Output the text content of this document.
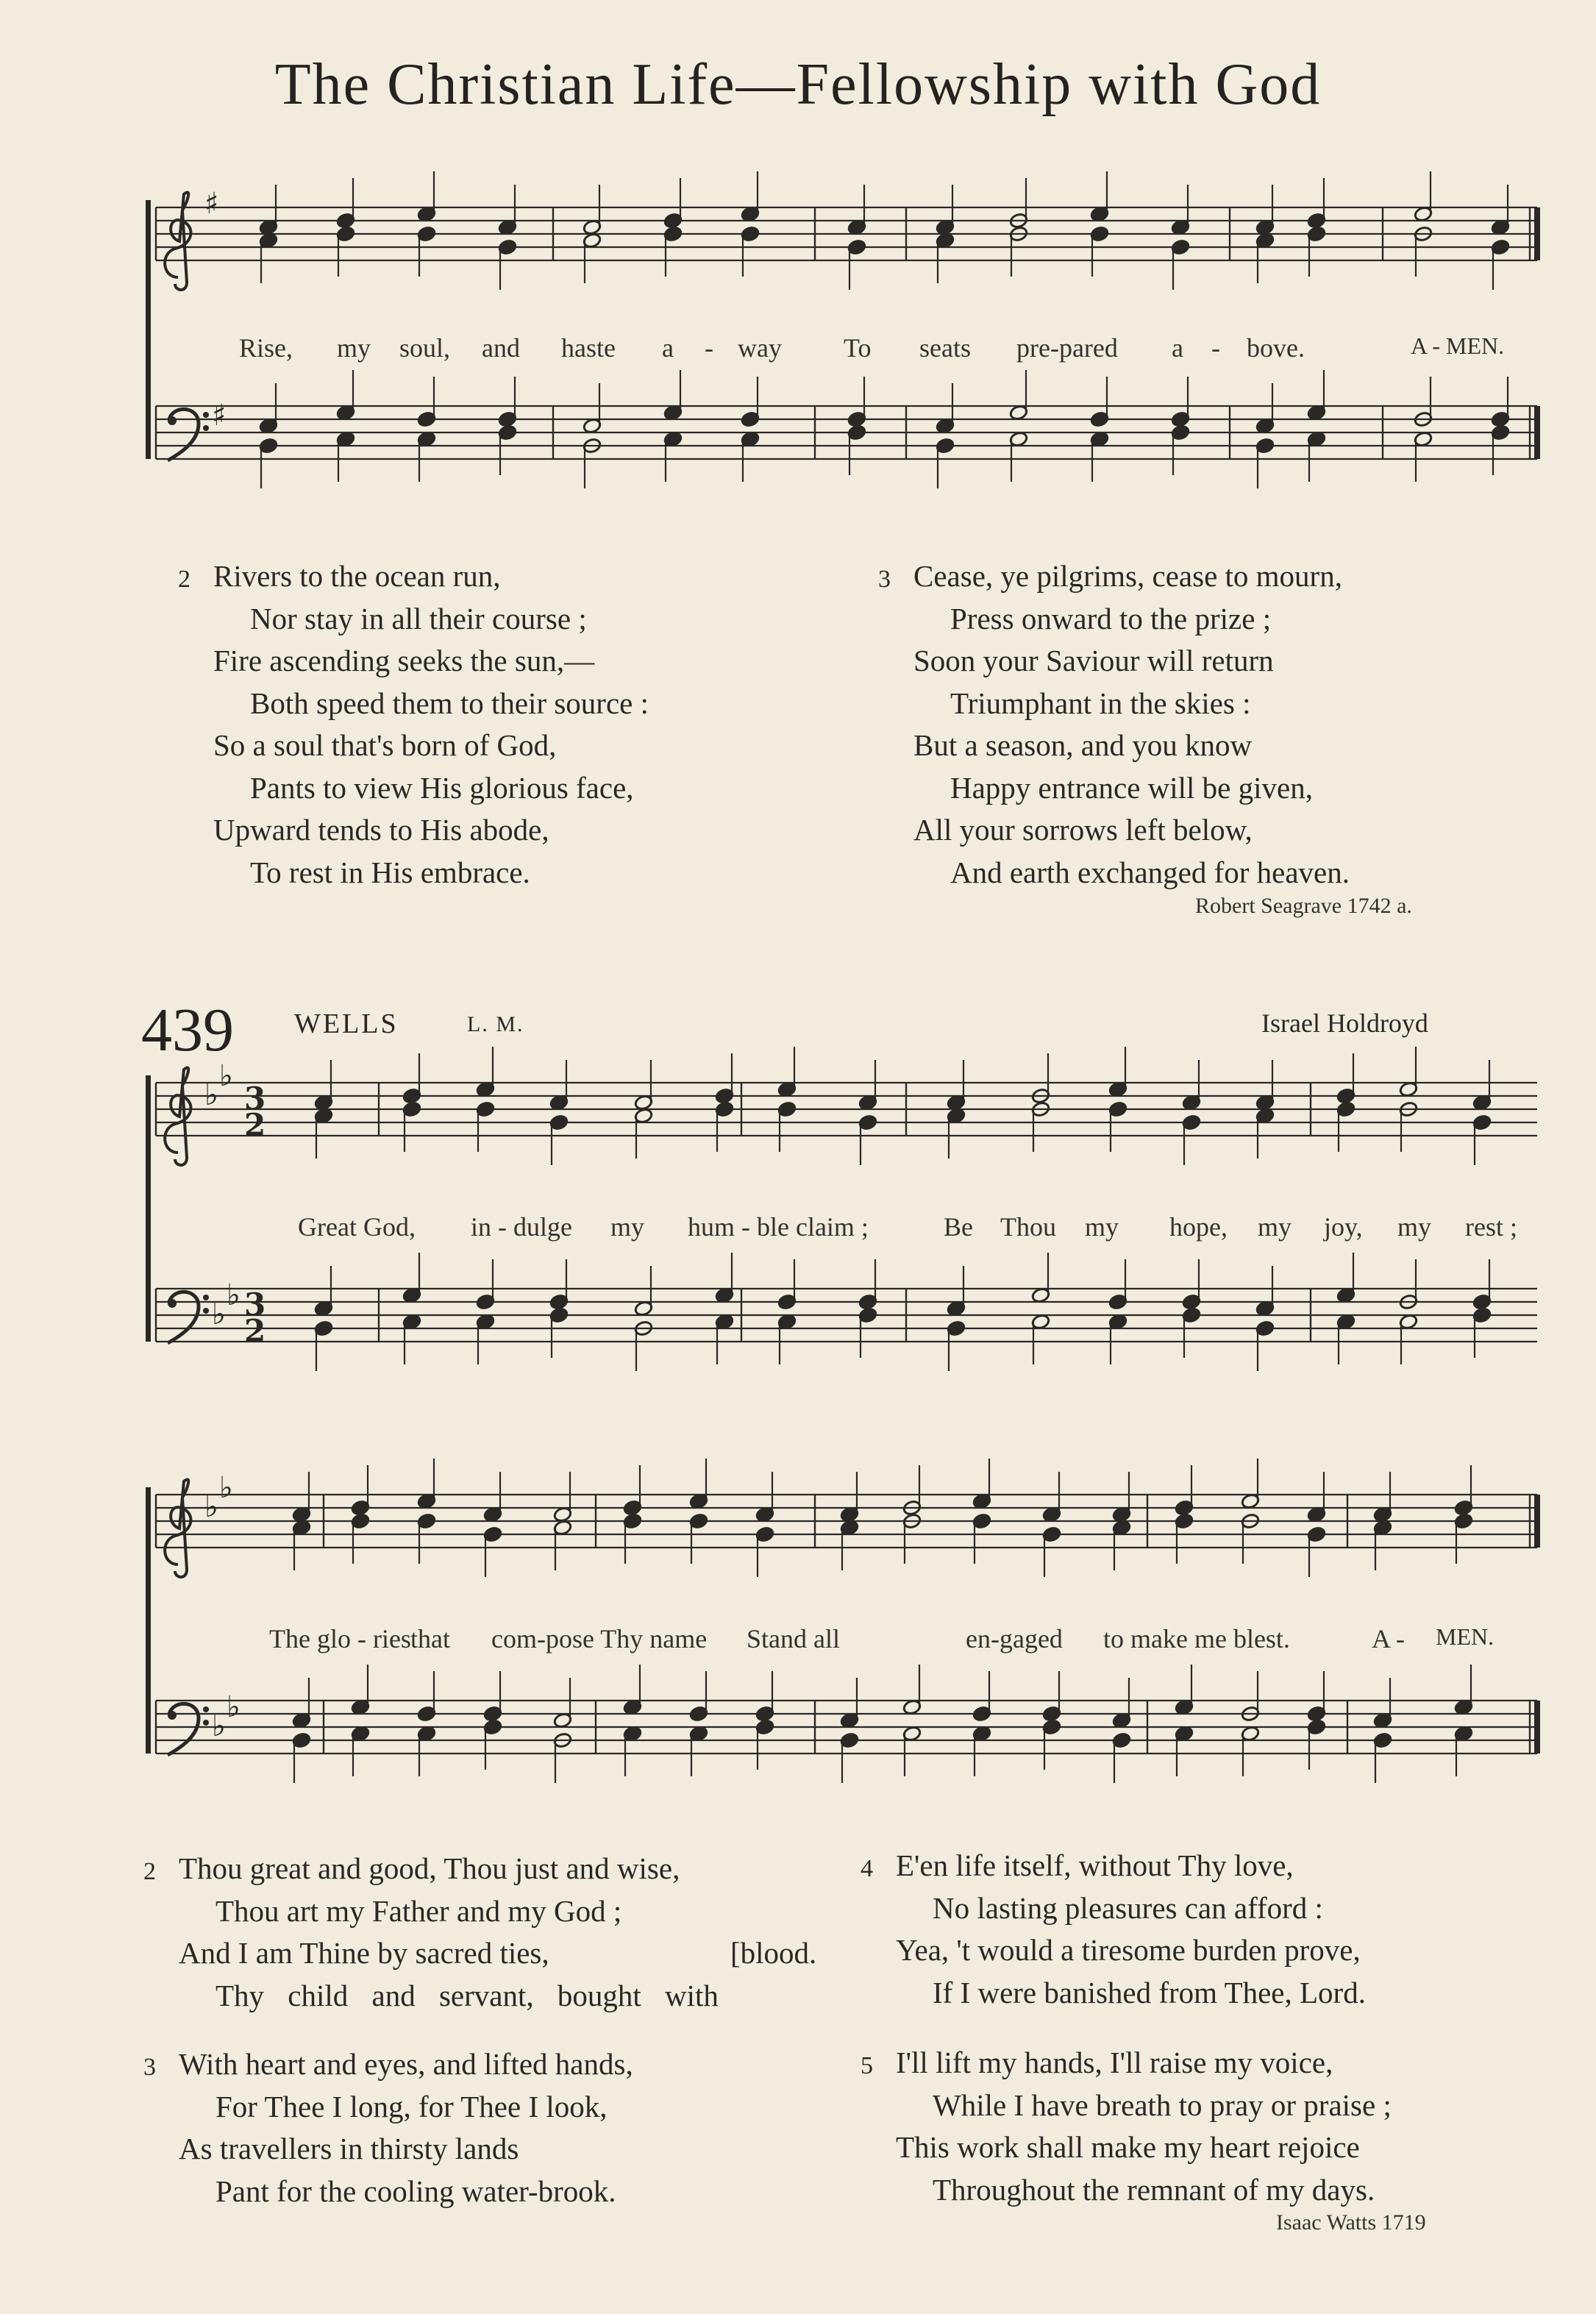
The Christian Life—Fellowship with God
♯
♯
Rise, my soul, and haste a - way To seats pre-pared a - bove.	A - MEN.
2 Rivers to the ocean run,
Nor stay in all their course ;
Fire ascending seeks the sun,—
Both speed them to their source :
So a soul that's born of God,
Pants to view His glorious face,
Upward tends to His abode,
To rest in His embrace.
3 Cease, ye pilgrims, cease to mourn,
Press onward to the prize ;
Soon your Saviour will return
Triumphant in the skies :
But a season, and you know
Happy entrance will be given,
All your sorrows left below,
And earth exchanged for heaven.
Robert Seagrave 1742 a.
439 WELLS	L. M.	Israel Holdroyd
♭
♭
♭
♭
3
2
3
2
Great God, in - dulge my hum - ble claim ;	Be Thou my hope, my joy, my rest ;
♭
♭
♭
♭
The glo - ries that com-pose Thy name Stand all	en-gaged to make me blest.	A - MEN.
2 Thou great and good, Thou just and wise,
Thou art my Father and my God ;
And I am Thine by sacred ties,	[blood.
Thy child and servant, bought with
3 With heart and eyes, and lifted hands,
For Thee I long, for Thee I look,
As travellers in thirsty lands
Pant for the cooling water-brook.
4 E'en life itself, without Thy love,
No lasting pleasures can afford :
Yea, 't would a tiresome burden prove,
If I were banished from Thee, Lord.
5 I'll lift my hands, I'll raise my voice,
While I have breath to pray or praise ;
This work shall make my heart rejoice
Throughout the remnant of my days.
Isaac Watts 1719
